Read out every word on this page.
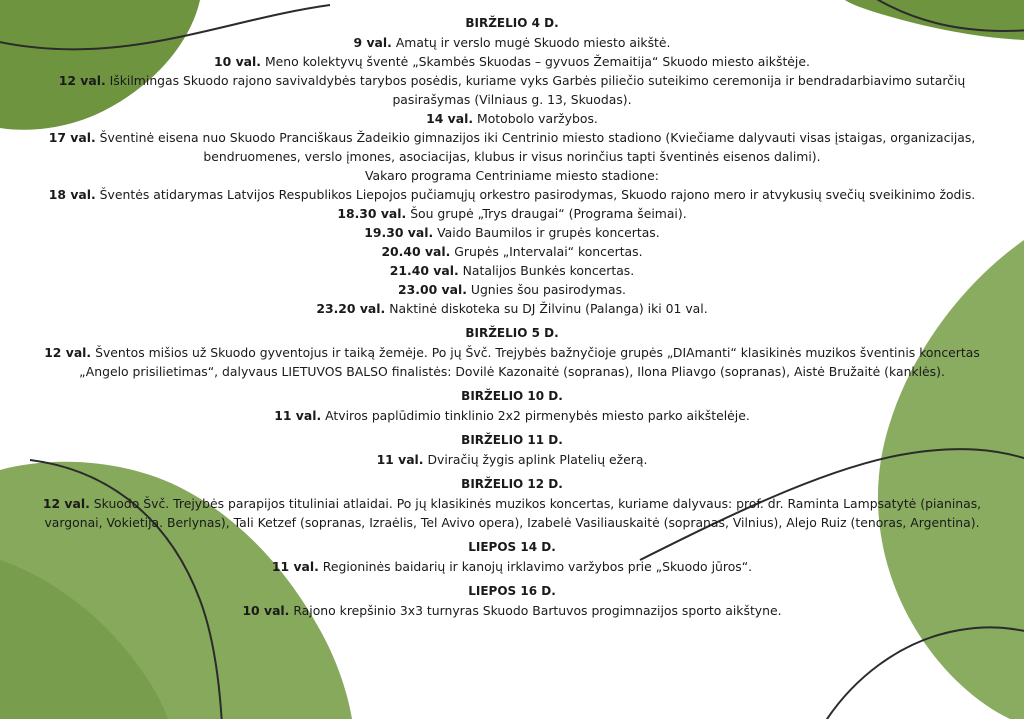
BIRŽELIO 4 D.
9 val. Amatų ir verslo mugė Skuodo miesto aikštė.
10 val. Meno kolektyvų šventė „Skambės Skuodas – gyvuos Žemaitija“ Skuodo miesto aikštėje.
12 val. Iškilmingas Skuodo rajono savivaldybės tarybos posėdis, kuriame vyks Garbės piliečio suteikimo ceremonija ir bendradarbiavimo sutarčių pasirašymas (Vilniaus g. 13, Skuodas).
14 val. Motobolo varžybos.
17 val. Šventinė eisena nuo Skuodo Pranciškaus Žadeikio gimnazijos iki Centrinio miesto stadiono (Kviečiame dalyvauti visas įstaigas, organizacijas, bendruomenes, verslo įmones, asociacijas, klubus ir visus norinčius tapti šventinės eisenos dalimi).
Vakaro programa Centriniame miesto stadione:
18 val. Šventės atidarymas Latvijos Respublikos Liepojos pučiamųjų orkestro pasirodymas, Skuodo rajono mero ir atvykusių svečių sveikinimo žodis.
18.30 val. Šou grupė „Trys draugai“ (Programa šeimai).
19.30 val. Vaido Baumilos ir grupės koncertas.
20.40 val. Grupės „Intervalai“ koncertas.
21.40 val. Natalijos Bunkės koncertas.
23.00 val. Ugnies šou pasirodymas.
23.20 val. Naktinė diskoteka su DJ Žilvinu (Palanga) iki 01 val.
BIRŽELIO 5 D.
12 val. Šventos mišios už Skuodo gyventojus ir taiką žemėje. Po jų Švč. Trejybės bažnyčioje grupės „DIAmanti“ klasikinės muzikos šventinis koncertas „Angelo prisilietimas“, dalyvaus LIETUVOS BALSO finalistės: Dovilė Kazonaitė (sopranas), Ilona Pliavgo (sopranas), Aistė Bružaitė (kanklės).
BIRŽELIO 10 D.
11 val. Atviros paplūdimio tinklinio 2x2 pirmenybės miesto parko aikštelėje.
BIRŽELIO 11 D.
11 val. Dviračių žygis aplink Platelių ežerą.
BIRŽELIO 12 D.
12 val. Skuodo Švč. Trejybės parapijos tituliniai atlaidai. Po jų klasikinės muzikos koncertas, kuriame dalyvaus: prof. dr. Raminta Lampsatytė (pianinas, vargonai, Vokietija. Berlynas), Tali Ketzef (sopranas, Izraėlis, Tel Avivo opera), Izabelė Vasiliauskaitė (sopranas, Vilnius), Alejo Ruiz (tenoras, Argentina).
LIEPOS 14 D.
11 val. Regioninės baidarių ir kanojų irklavimo varžybos prie „Skuodo jūros“.
LIEPOS 16 D.
10 val. Rajono krepšinio 3x3 turnyras Skuodo Bartuvos progimnazijos sporto aikštyne.
